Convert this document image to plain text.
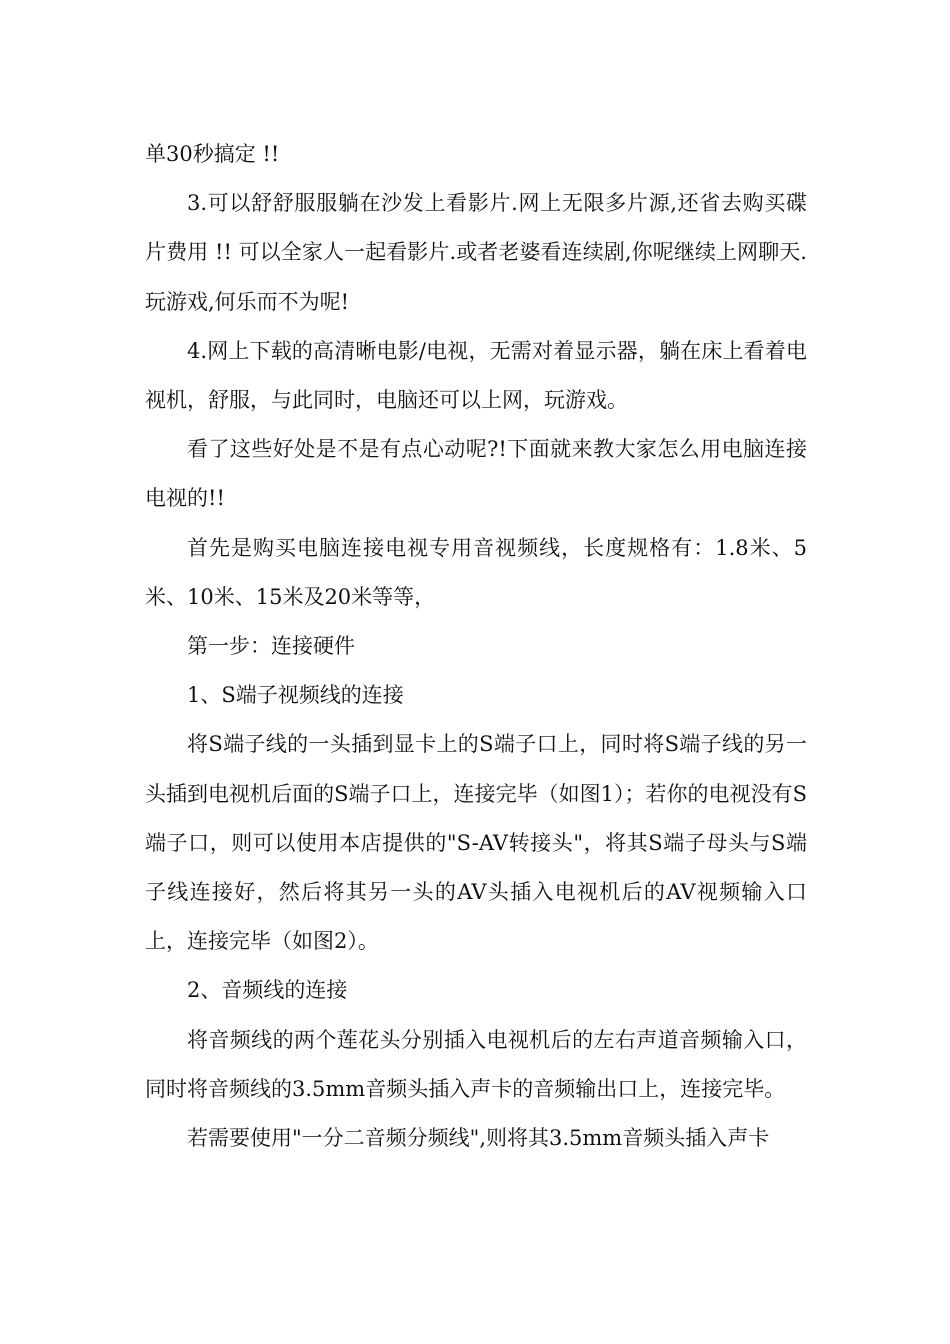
单30秒搞定 !!

3.可以舒舒服服躺在沙发上看影片.网上无限多片源,还省去购买碟片费用 !! 可以全家人一起看影片.或者老婆看连续剧,你呢继续上网聊天.玩游戏,何乐而不为呢!

4.网上下载的高清晰电影/电视，无需对着显示器，躺在床上看着电视机，舒服，与此同时，电脑还可以上网，玩游戏。

看了这些好处是不是有点心动呢?!下面就来教大家怎么用电脑连接电视的!!

首先是购买电脑连接电视专用音视频线，长度规格有：1.8米、5米、10米、15米及20米等等，

第一步：连接硬件

1、S端子视频线的连接

将S端子线的一头插到显卡上的S端子口上，同时将S端子线的另一头插到电视机后面的S端子口上，连接完毕（如图1）；若你的电视没有S端子口，则可以使用本店提供的"S-AV转接头"，将其S端子母头与S端子线连接好，然后将其另一头的AV头插入电视机后的AV视频输入口上，连接完毕（如图2）。

2、音频线的连接

将音频线的两个莲花头分别插入电视机后的左右声道音频输入口，同时将音频线的3.5mm音频头插入声卡的音频输出口上，连接完毕。

若需要使用"一分二音频分频线",则将其3.5mm音频头插入声卡
